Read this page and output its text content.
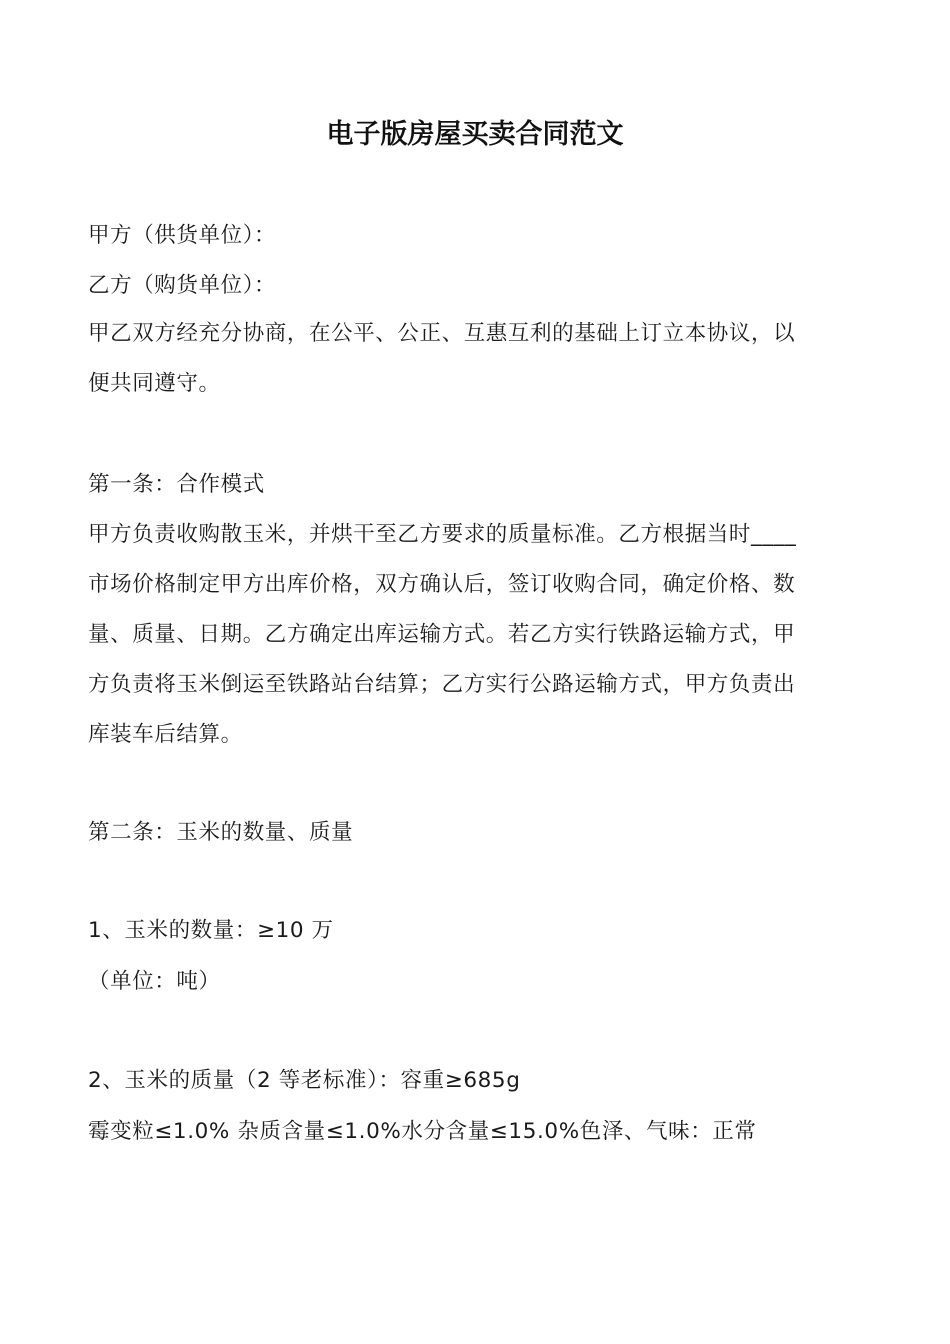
电子版房屋买卖合同范文
甲方（供货单位）：
乙方（购货单位）：
甲乙双方经充分协商，在公平、公正、互惠互利的基础上订立本协议，以
便共同遵守。
第一条：合作模式
甲方负责收购散玉米，并烘干至乙方要求的质量标准。乙方根据当时____
市场价格制定甲方出库价格，双方确认后，签订收购合同，确定价格、数
量、质量、日期。乙方确定出库运输方式。若乙方实行铁路运输方式，甲
方负责将玉米倒运至铁路站台结算；乙方实行公路运输方式，甲方负责出
库装车后结算。
第二条：玉米的数量、质量
1、玉米的数量：≥10 万
（单位：吨）
2、玉米的质量（2 等老标准）：容重≥685g
霉变粒≤1.0% 杂质含量≤1.0%水分含量≤15.0%色泽、气味：正常
